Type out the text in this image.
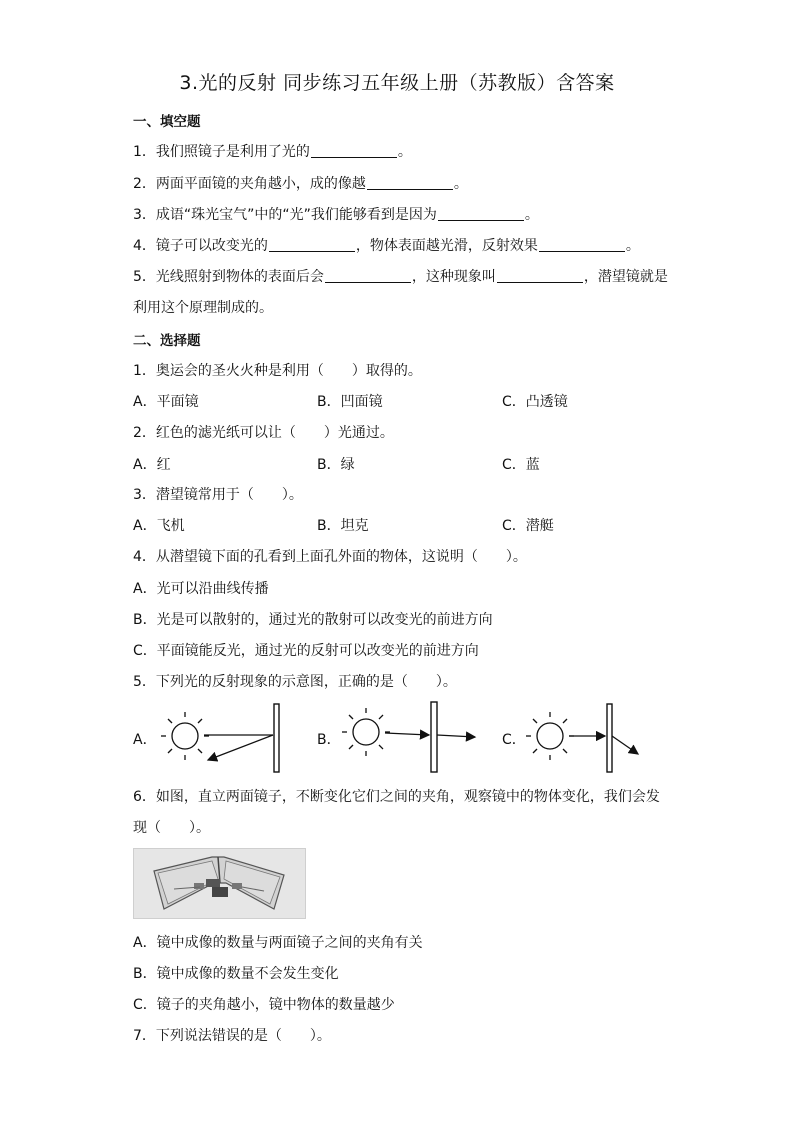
3.光的反射 同步练习五年级上册（苏教版）含答案
一、填空题
1．我们照镜子是利用了光的	。
2．两面平面镜的夹角越小，成的像越	。
3．成语“珠光宝气”中的“光”我们能够看到是因为	。
4．镜子可以改变光的	，物体表面越光滑，反射效果	。
5．光线照射到物体的表面后会	，这种现象叫	，潜望镜就是
利用这个原理制成的。
二、选择题
1．奥运会的圣火火种是利用（　　）取得的。
A．平面镜	B．凹面镜	C．凸透镜
2．红色的滤光纸可以让（　　）光通过。
A．红	B．绿	C．蓝
3．潜望镜常用于（　　）。
A．飞机	B．坦克	C．潜艇
4．从潜望镜下面的孔看到上面孔外面的物体，这说明（　　）。
A．光可以沿曲线传播
B．光是可以散射的，通过光的散射可以改变光的前进方向
C．平面镜能反光，通过光的反射可以改变光的前进方向
5．下列光的反射现象的示意图，正确的是（　　）。
A．	B．	C．
6．如图，直立两面镜子，不断变化它们之间的夹角，观察镜中的物体变化，我们会发
现（　　）。
A．镜中成像的数量与两面镜子之间的夹角有关
B．镜中成像的数量不会发生变化
C．镜子的夹角越小，镜中物体的数量越少
7．下列说法错误的是（　　）。
